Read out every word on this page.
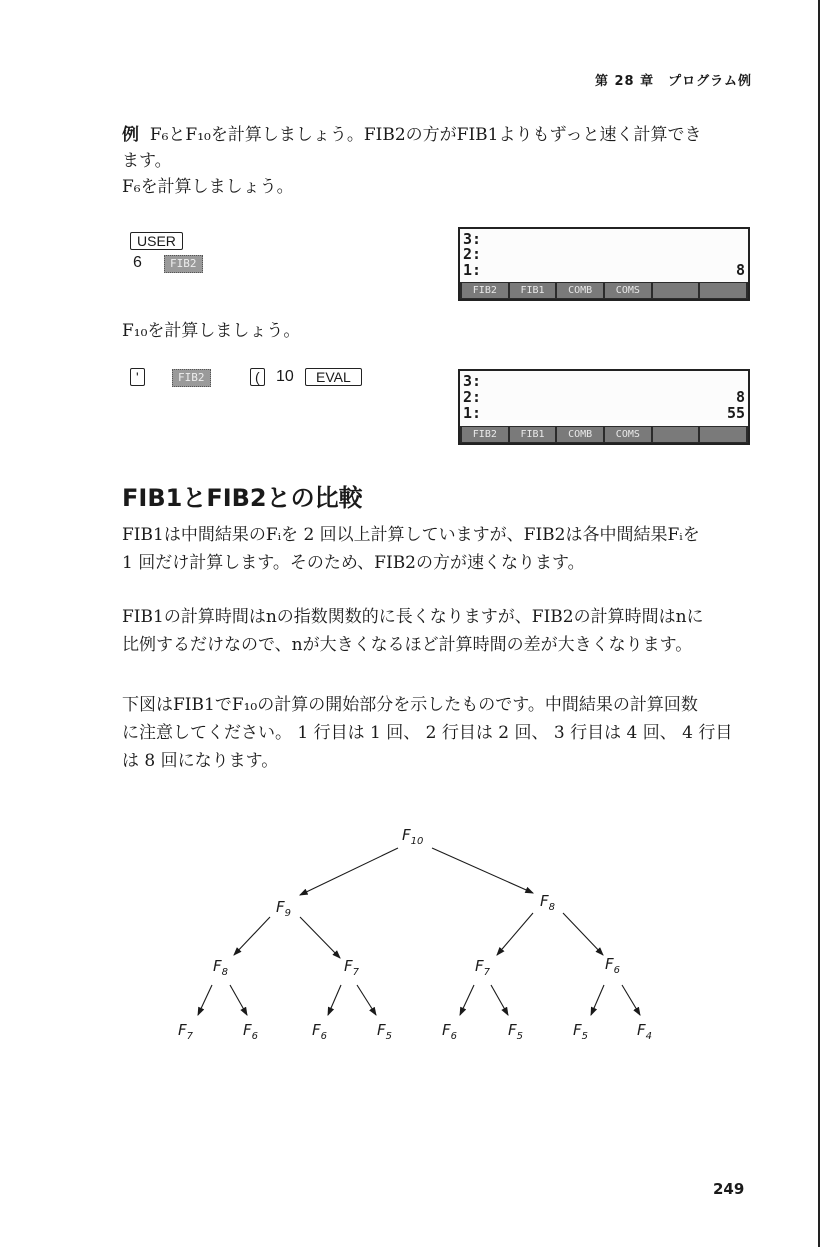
第 28 章　プログラム例

例 F₆とF₁₀を計算しましょう。FIB2の方がFIB1よりもずっと速く計算でき

ます。

F₆を計算しましょう。

USER
6	FIB2
3:
2:
1:	8
FIB2	FIB1	COMB	COMS

F₁₀を計算しましょう。

'	FIB2	(	10	EVAL	3:
2:	8
1:	55
FIB2	FIB1	COMB	COMS
FIB1とFIB2との比較

FIB1は中間結果のFᵢを 2 回以上計算していますが、FIB2は各中間結果Fᵢを

1 回だけ計算します。そのため、FIB2の方が速くなります。

FIB1の計算時間はnの指数関数的に長くなりますが、FIB2の計算時間はnに

比例するだけなので、nが大きくなるほど計算時間の差が大きくなります。

下図はFIB1でF₁₀の計算の開始部分を示したものです。中間結果の計算回数

に注意してください。 1 行目は 1 回、 2 行目は 2 回、 3 行目は 4 回、 4 行目

は 8 回になります。

$F_{10}$
$F_9$
$F_8$
$F_8$	$F_7$	$F_7$	$F_6$
$F_7$	$F_6$	$F_6$	$F_5$	$F_6$	$F_5$	$F_5$	$F_4$
249
